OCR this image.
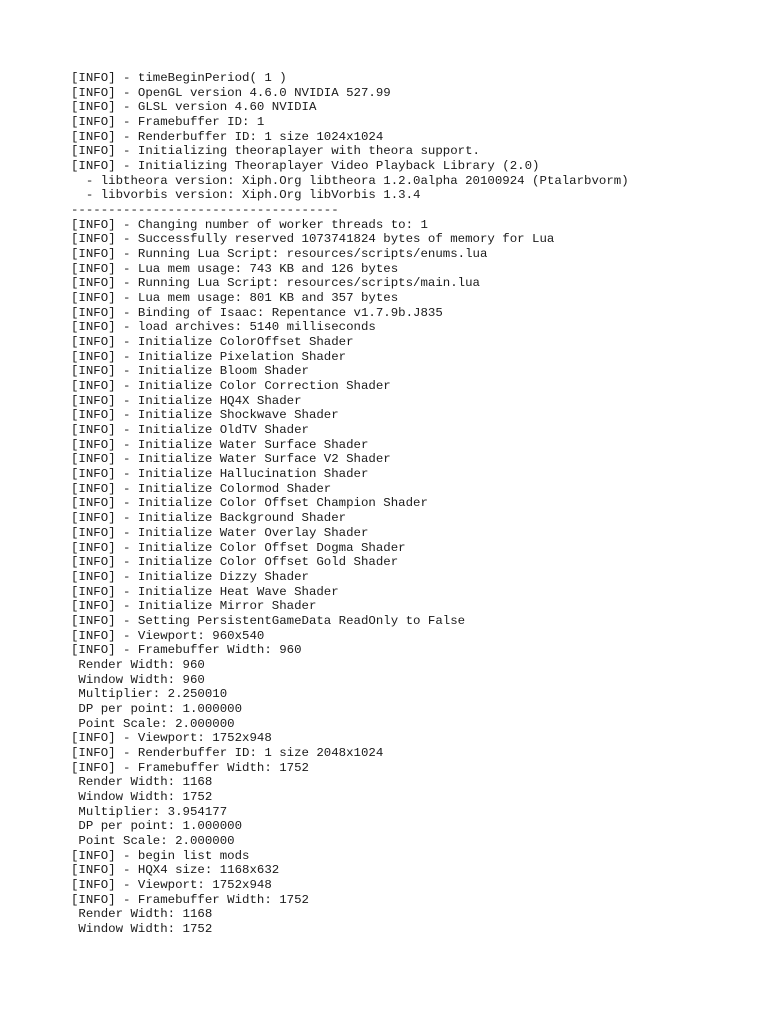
[INFO] - timeBeginPeriod( 1 )
[INFO] - OpenGL version 4.6.0 NVIDIA 527.99
[INFO] - GLSL version 4.60 NVIDIA
[INFO] - Framebuffer ID: 1
[INFO] - Renderbuffer ID: 1 size 1024x1024
[INFO] - Initializing theoraplayer with theora support.
[INFO] - Initializing Theoraplayer Video Playback Library (2.0)
- libtheora version: Xiph.Org libtheora 1.2.0alpha 20100924 (Ptalarbvorm)
- libvorbis version: Xiph.Org libVorbis 1.3.4
------------------------------------
[INFO] - Changing number of worker threads to: 1
[INFO] - Successfully reserved 1073741824 bytes of memory for Lua
[INFO] - Running Lua Script: resources/scripts/enums.lua
[INFO] - Lua mem usage: 743 KB and 126 bytes
[INFO] - Running Lua Script: resources/scripts/main.lua
[INFO] - Lua mem usage: 801 KB and 357 bytes
[INFO] - Binding of Isaac: Repentance v1.7.9b.J835
[INFO] - load archives: 5140 milliseconds
[INFO] - Initialize ColorOffset Shader
[INFO] - Initialize Pixelation Shader
[INFO] - Initialize Bloom Shader
[INFO] - Initialize Color Correction Shader
[INFO] - Initialize HQ4X Shader
[INFO] - Initialize Shockwave Shader
[INFO] - Initialize OldTV Shader
[INFO] - Initialize Water Surface Shader
[INFO] - Initialize Water Surface V2 Shader
[INFO] - Initialize Hallucination Shader
[INFO] - Initialize Colormod Shader
[INFO] - Initialize Color Offset Champion Shader
[INFO] - Initialize Background Shader
[INFO] - Initialize Water Overlay Shader
[INFO] - Initialize Color Offset Dogma Shader
[INFO] - Initialize Color Offset Gold Shader
[INFO] - Initialize Dizzy Shader
[INFO] - Initialize Heat Wave Shader
[INFO] - Initialize Mirror Shader
[INFO] - Setting PersistentGameData ReadOnly to False
[INFO] - Viewport: 960x540
[INFO] - Framebuffer Width: 960
Render Width: 960
Window Width: 960
Multiplier: 2.250010
DP per point: 1.000000
Point Scale: 2.000000
[INFO] - Viewport: 1752x948
[INFO] - Renderbuffer ID: 1 size 2048x1024
[INFO] - Framebuffer Width: 1752
Render Width: 1168
Window Width: 1752
Multiplier: 3.954177
DP per point: 1.000000
Point Scale: 2.000000
[INFO] - begin list mods
[INFO] - HQX4 size: 1168x632
[INFO] - Viewport: 1752x948
[INFO] - Framebuffer Width: 1752
Render Width: 1168
Window Width: 1752
